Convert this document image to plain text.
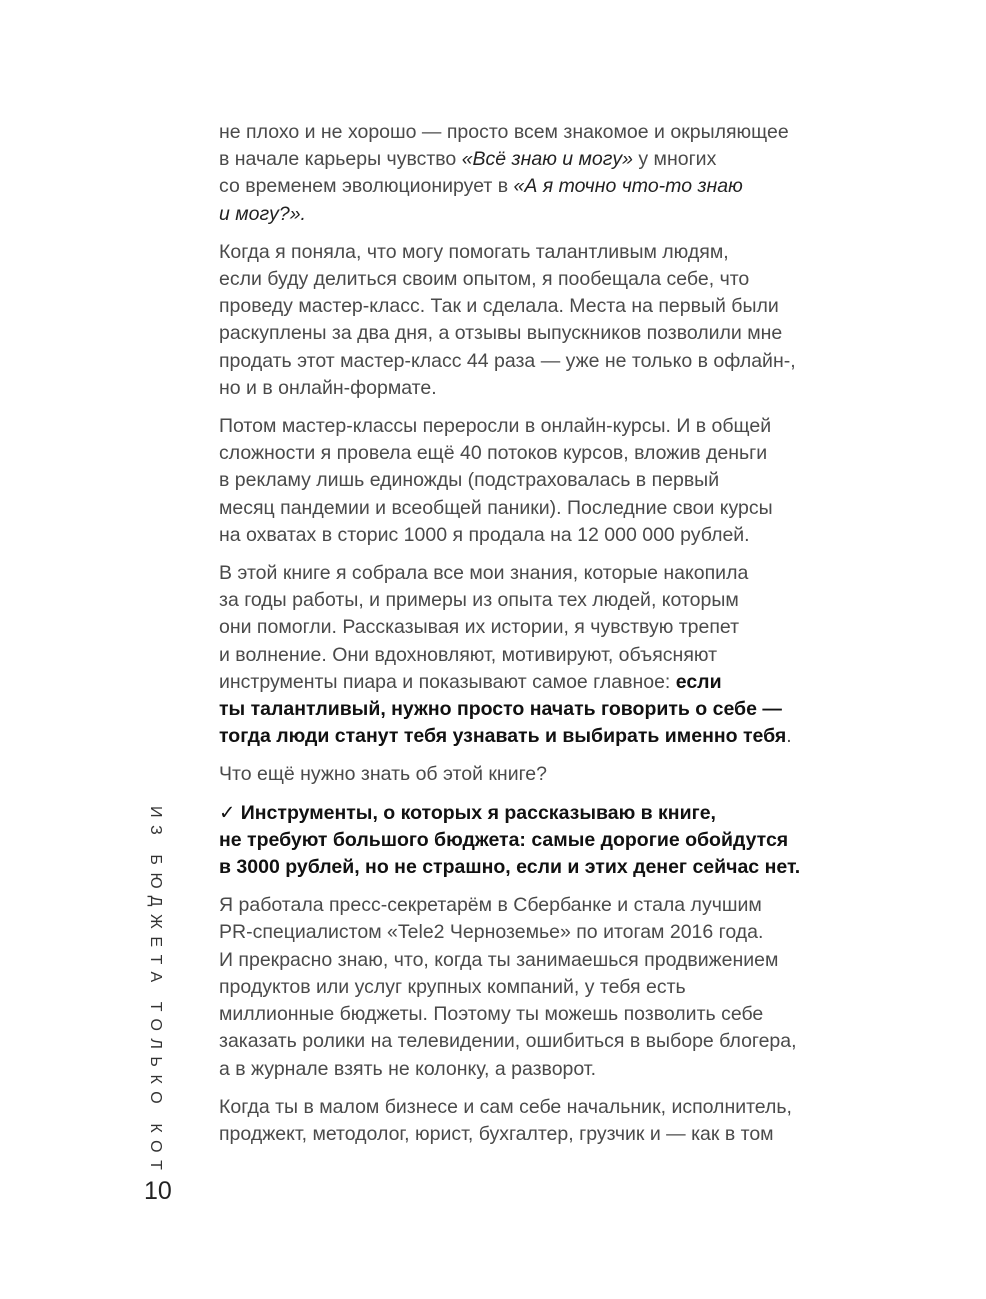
не плохо и не хорошо — просто всем знакомое и окрыляющее
в начале карьеры чувство «Всё знаю и могу» у многих
со временем эволюционирует в «А я точно что-то знаю
и могу?».

Когда я поняла, что могу помогать талантливым людям,
если буду делиться своим опытом, я пообещала себе, что
проведу мастер-класс. Так и сделала. Места на первый были
раскуплены за два дня, а отзывы выпускников позволили мне
продать этот мастер-класс 44 раза — уже не только в офлайн-,
но и в онлайн-формате.

Потом мастер-классы переросли в онлайн-курсы. И в общей
сложности я провела ещё 40 потоков курсов, вложив деньги
в рекламу лишь единожды (подстраховалась в первый
месяц пандемии и всеобщей паники). Последние свои курсы
на охватах в сторис 1000 я продала на 12 000 000 рублей.

В этой книге я собрала все мои знания, которые накопила
за годы работы, и примеры из опыта тех людей, которым
они помогли. Рассказывая их истории, я чувствую трепет
и волнение. Они вдохновляют, мотивируют, объясняют
инструменты пиара и показывают самое главное: если
ты талантливый, нужно просто начать говорить о себе —
тогда люди станут тебя узнавать и выбирать именно тебя.

Что ещё нужно знать об этой книге?

✓ Инструменты, о которых я рассказываю в книге,
не требуют большого бюджета: самые дорогие обойдутся
в 3000 рублей, но не страшно, если и этих денег сейчас нет.

Я работала пресс-секретарём в Сбербанке и стала лучшим
PR-специалистом «Tele2 Черноземье» по итогам 2016 года.
И прекрасно знаю, что, когда ты занимаешься продвижением
продуктов или услуг крупных компаний, у тебя есть
миллионные бюджеты. Поэтому ты можешь позволить себе
заказать ролики на телевидении, ошибиться в выборе блогера,
а в журнале взять не колонку, а разворот.

Когда ты в малом бизнесе и сам себе начальник, исполнитель,
проджект, методолог, юрист, бухгалтер, грузчик и — как в том

ИЗ БЮДЖЕТА ТОЛЬКО КОТ
10
